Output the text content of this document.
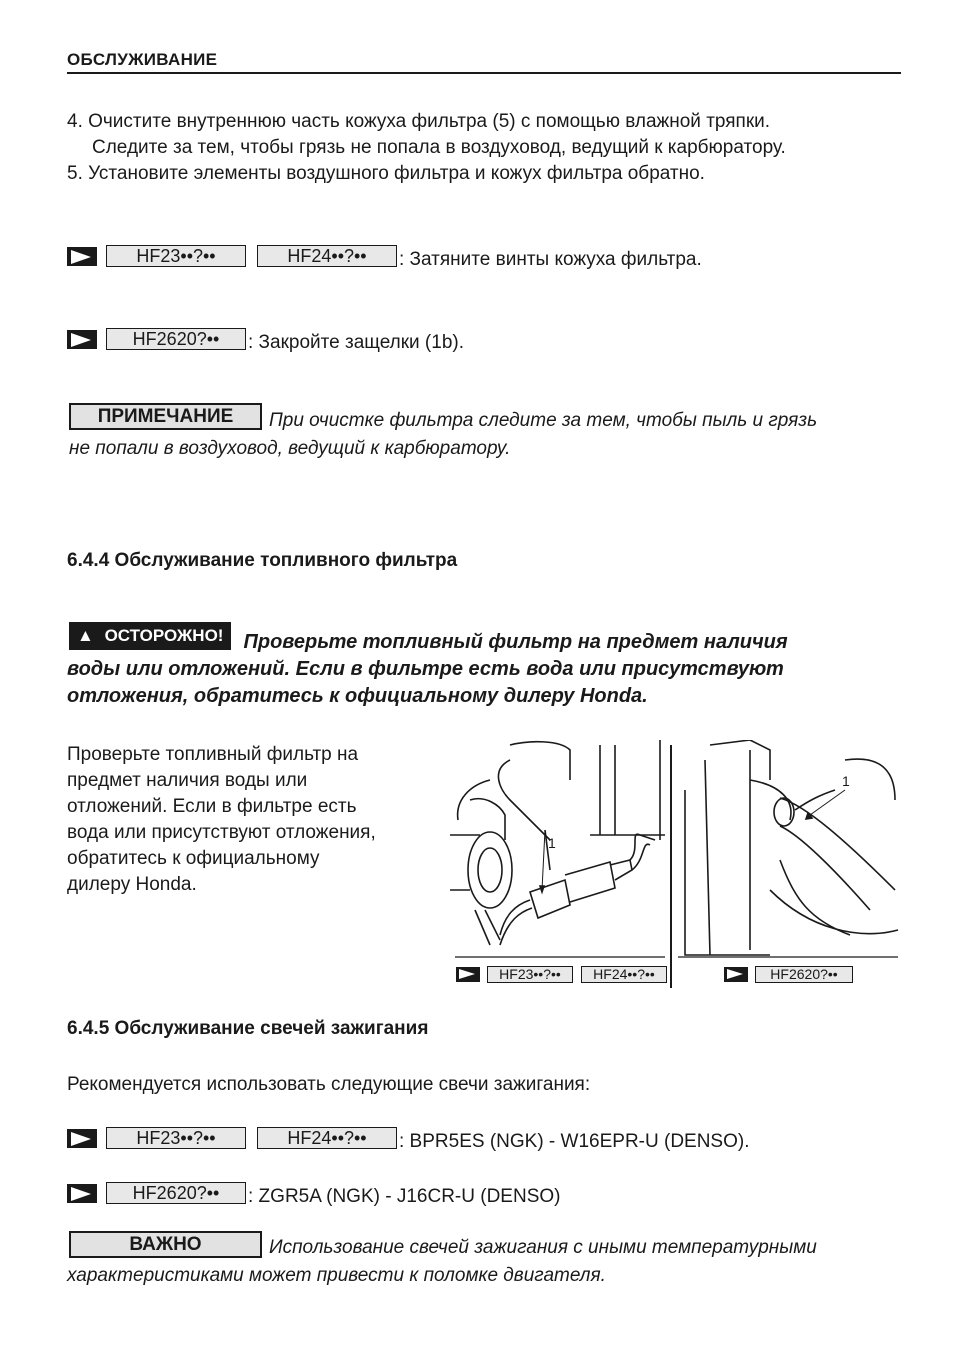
ОБСЛУЖИВАНИЕ
4. Очистите внутреннюю часть кожуха фильтра (5) с помощью влажной тряпки.
Следите за тем, чтобы грязь не попала в воздуховод, ведущий к карбюратору.
5. Установите элементы воздушного фильтра и кожух фильтра обратно.
HF23••?••	HF24••?••	: Затяните винты кожуха фильтра.
HF2620?••	: Закройте защелки (1b).
ПРИМЕЧАНИЕ	При очистке фильтра следите за тем, чтобы пыль и грязь
не попали в воздуховод, ведущий к карбюратору.
6.4.4 Обслуживание топливного фильтра
▲ ОСТОРОЖНО!	Проверьте топливный фильтр на предмет наличия
воды или отложений. Если в фильтре есть вода или присутствуют
отложения, обратитесь к официальному дилеру Honda.
Проверьте топливный фильтр на
предмет наличия воды или
отложений. Если в фильтре есть
вода или присутствуют отложения,
обратитесь к официальному
дилеру Honda.
1
1
HF23••?••	HF24••?••	HF2620?••
6.4.5 Обслуживание свечей зажигания
Рекомендуется использовать следующие свечи зажигания:
HF23••?••	HF24••?••	: BPR5ES (NGK) - W16EPR-U (DENSO).
HF2620?••	: ZGR5A (NGK) - J16CR-U (DENSO)
ВАЖНО	Использование свечей зажигания с иными температурными
характеристиками может привести к поломке двигателя.
